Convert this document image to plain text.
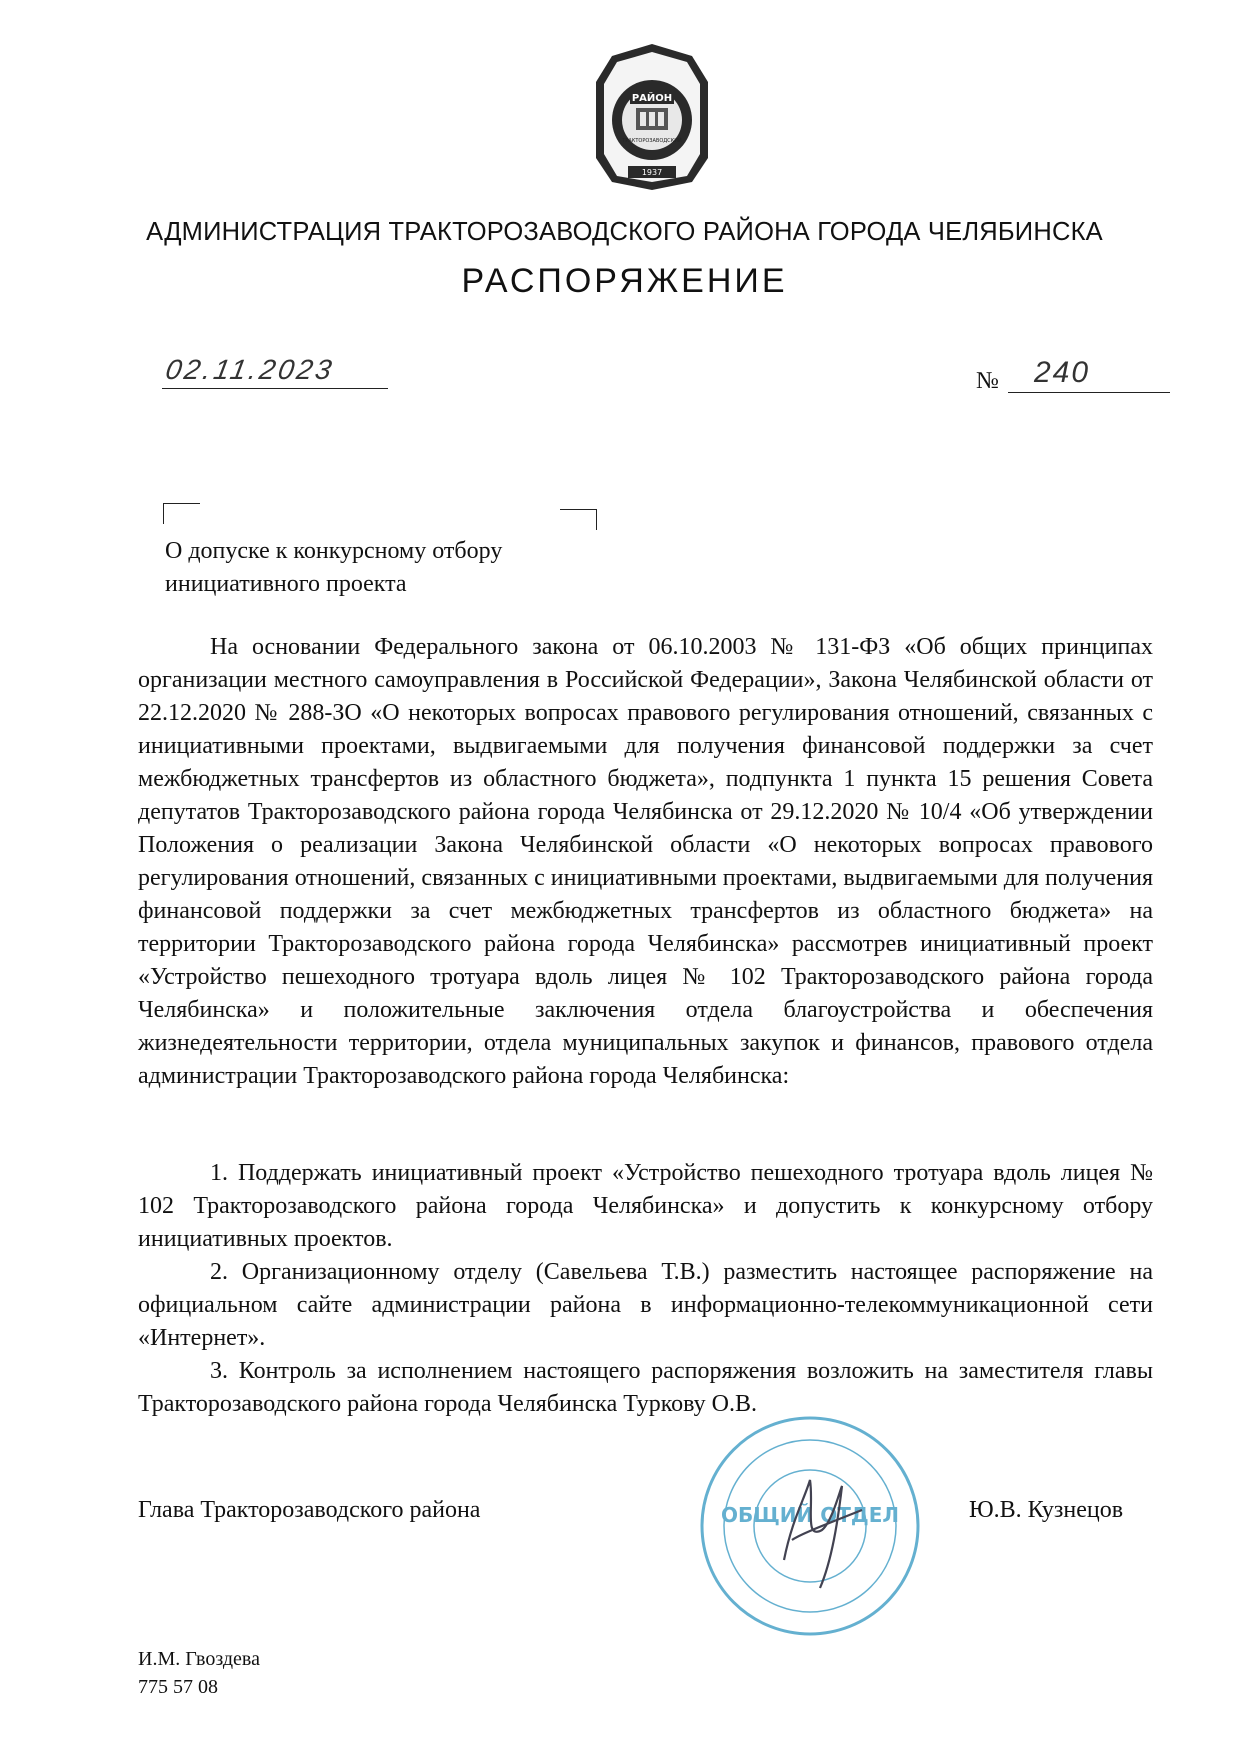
РАЙОН
ТРАКТОРОЗАВОДСКИЙ
1937
АДМИНИСТРАЦИЯ ТРАКТОРОЗАВОДСКОГО РАЙОНА ГОРОДА ЧЕЛЯБИНСКА
РАСПОРЯЖЕНИЕ
02.11.2023	№ 240
О допуске к конкурсному отбору инициативного проекта
На основании Федерального закона от 06.10.2003 № 131-ФЗ «Об общих принципах организации местного самоуправления в Российской Федерации», Закона Челябинской области от 22.12.2020 № 288-ЗО «О некоторых вопросах правового регулирования отношений, связанных с инициативными проектами, выдвигаемыми для получения финансовой поддержки за счет межбюджетных трансфертов из областного бюджета», подпункта 1 пункта 15 решения Совета депутатов Тракторозаводского района города Челябинска от 29.12.2020 № 10/4 «Об утверждении Положения о реализации Закона Челябинской области «О некоторых вопросах правового регулирования отношений, связанных с инициативными проектами, выдвигаемыми для получения финансовой поддержки за счет межбюджетных трансфертов из областного бюджета» на территории Тракторозаводского района города Челябинска» рассмотрев инициативный проект «Устройство пешеходного тротуара вдоль лицея № 102 Тракторозаводского района города Челябинска» и положительные заключения отдела благоустройства и обеспечения жизнедеятельности территории, отдела муниципальных закупок и финансов, правового отдела администрации Тракторозаводского района города Челябинска:
1. Поддержать инициативный проект «Устройство пешеходного тротуара вдоль лицея № 102 Тракторозаводского района города Челябинска» и допустить к конкурсному отбору инициативных проектов.
2. Организационному отделу (Савельева Т.В.) разместить настоящее распоряжение на официальном сайте администрации района в информационно-телекоммуникационной сети «Интернет».
3. Контроль за исполнением настоящего распоряжения возложить на заместителя главы Тракторозаводского района города Челябинска Туркову О.В.
ОБЩИЙ ОТДЕЛ
Глава Тракторозаводского района	Ю.В. Кузнецов
И.М. Гвоздева
775 57 08
